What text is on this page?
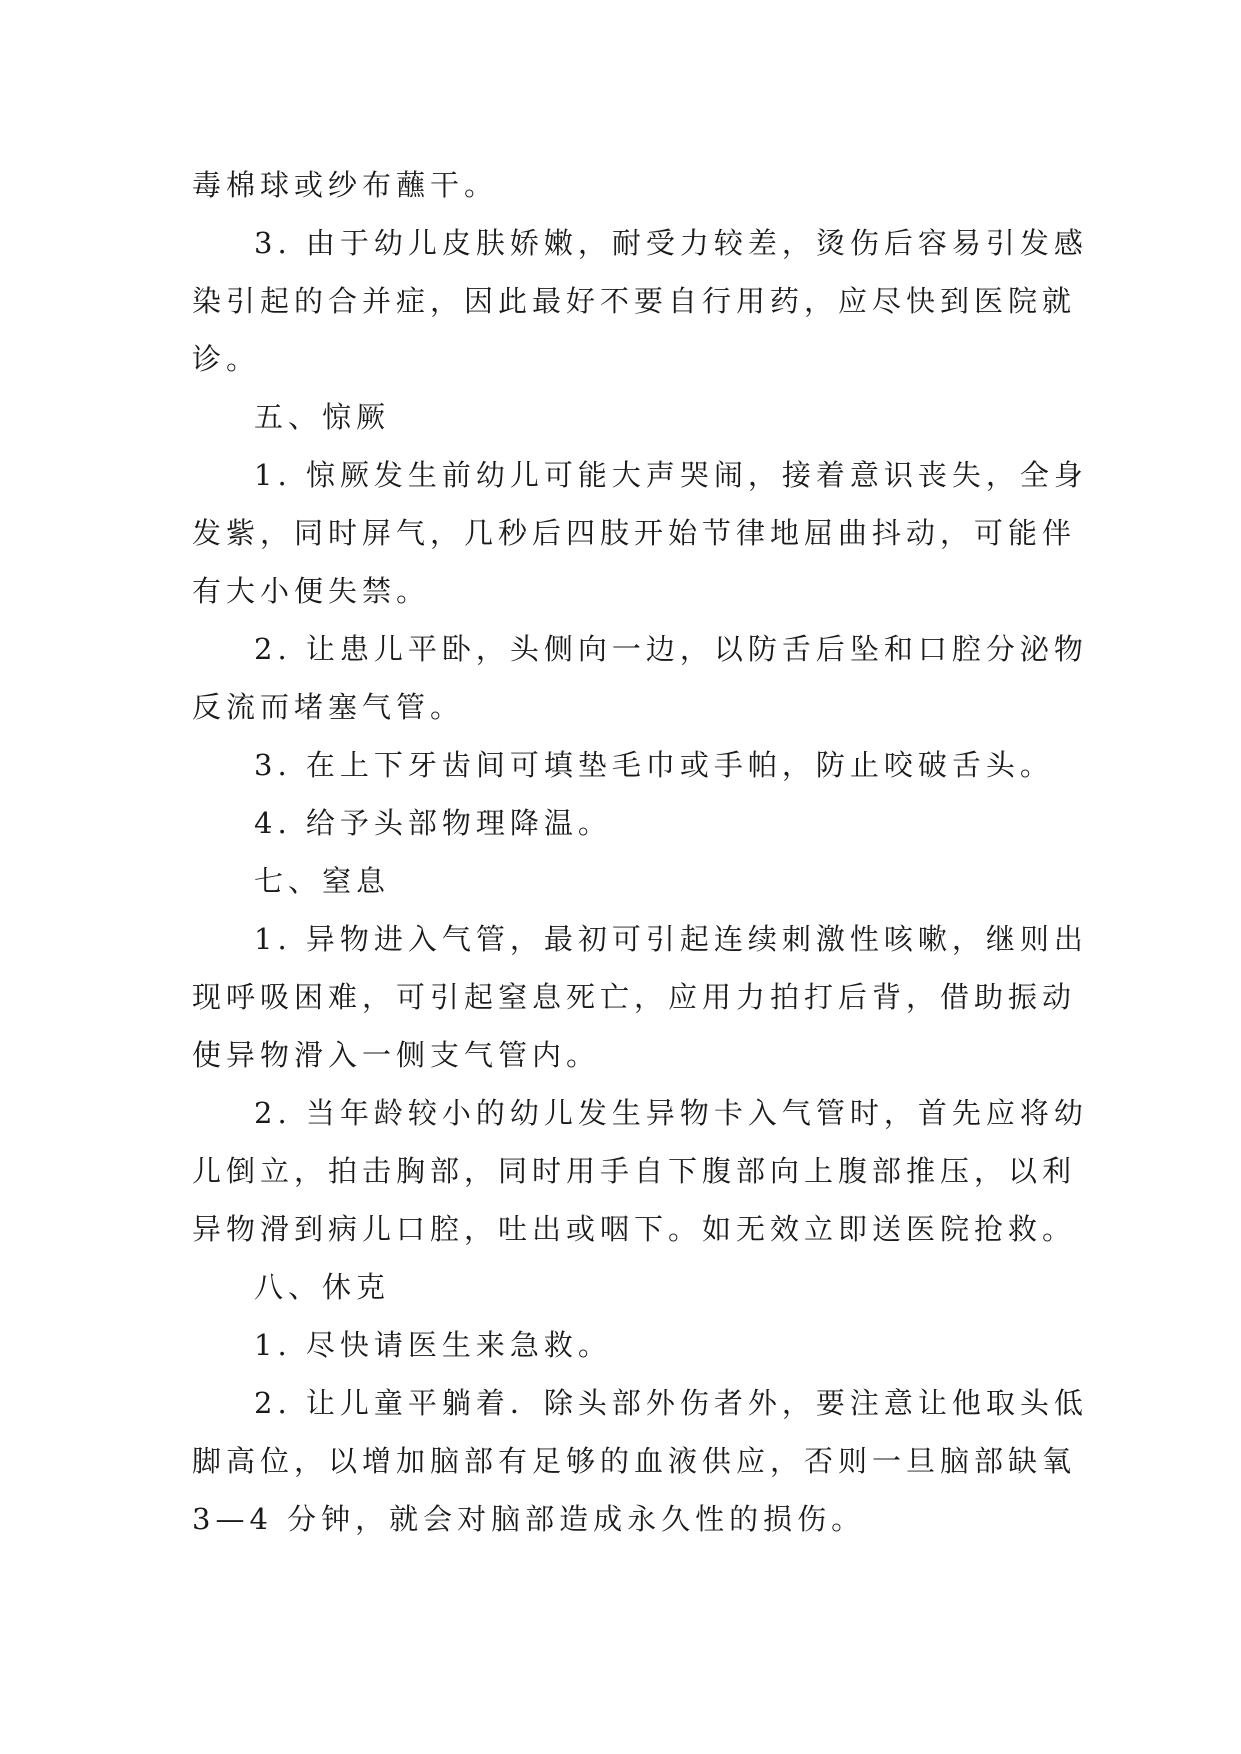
毒棉球或纱布蘸干。
3. 由于幼儿皮肤娇嫩，耐受力较差，烫伤后容易引发感
染引起的合并症，因此最好不要自行用药，应尽快到医院就
诊。
五、惊厥
1. 惊厥发生前幼儿可能大声哭闹，接着意识丧失，全身
发紫，同时屏气，几秒后四肢开始节律地屈曲抖动，可能伴
有大小便失禁。
2. 让患儿平卧，头侧向一边，以防舌后坠和口腔分泌物
反流而堵塞气管。
3. 在上下牙齿间可填垫毛巾或手帕，防止咬破舌头。
4. 给予头部物理降温。
七、窒息
1. 异物进入气管，最初可引起连续刺激性咳嗽，继则出
现呼吸困难，可引起窒息死亡，应用力拍打后背，借助振动
使异物滑入一侧支气管内。
2. 当年龄较小的幼儿发生异物卡入气管时，首先应将幼
儿倒立，拍击胸部，同时用手自下腹部向上腹部推压，以利
异物滑到病儿口腔，吐出或咽下。如无效立即送医院抢救。
八、休克
1. 尽快请医生来急救。
2. 让儿童平躺着．除头部外伤者外，要注意让他取头低
脚高位，以增加脑部有足够的血液供应，否则一旦脑部缺氧
3—4 分钟，就会对脑部造成永久性的损伤。
